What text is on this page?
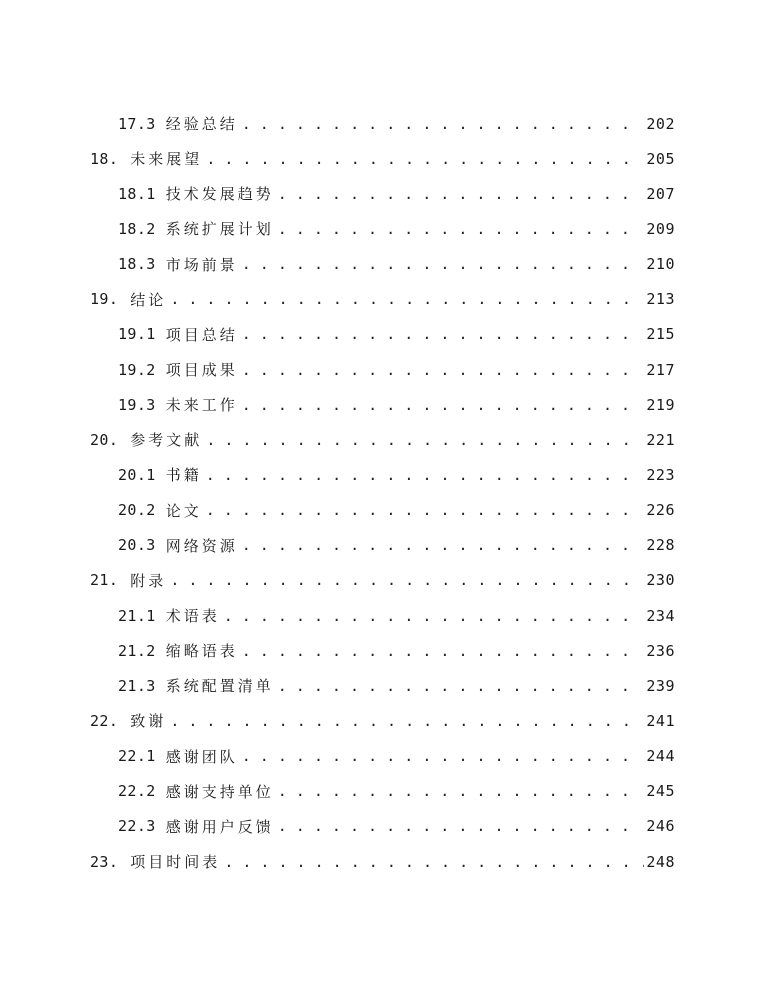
17.3 经验总结 . . .	202
18. 未来展望 . . .	205
18.1 技术发展趋势 . . .	207
18.2 系统扩展计划 . . .	209
18.3 市场前景 . . .	210
19. 结论 . . .	213
19.1 项目总结 . . .	215
19.2 项目成果 . . .	217
19.3 未来工作 . . .	219
20. 参考文献 . . .	221
20.1 书籍 . . .	223
20.2 论文 . . .	226
20.3 网络资源 . . .	228
21. 附录 . . .	230
21.1 术语表 . . .	234
21.2 缩略语表 . . .	236
21.3 系统配置清单 . . .	239
22. 致谢 . . .	241
22.1 感谢团队 . . .	244
22.2 感谢支持单位 . . .	245
22.3 感谢用户反馈 . . .	246
23. 项目时间表 . . .	248
